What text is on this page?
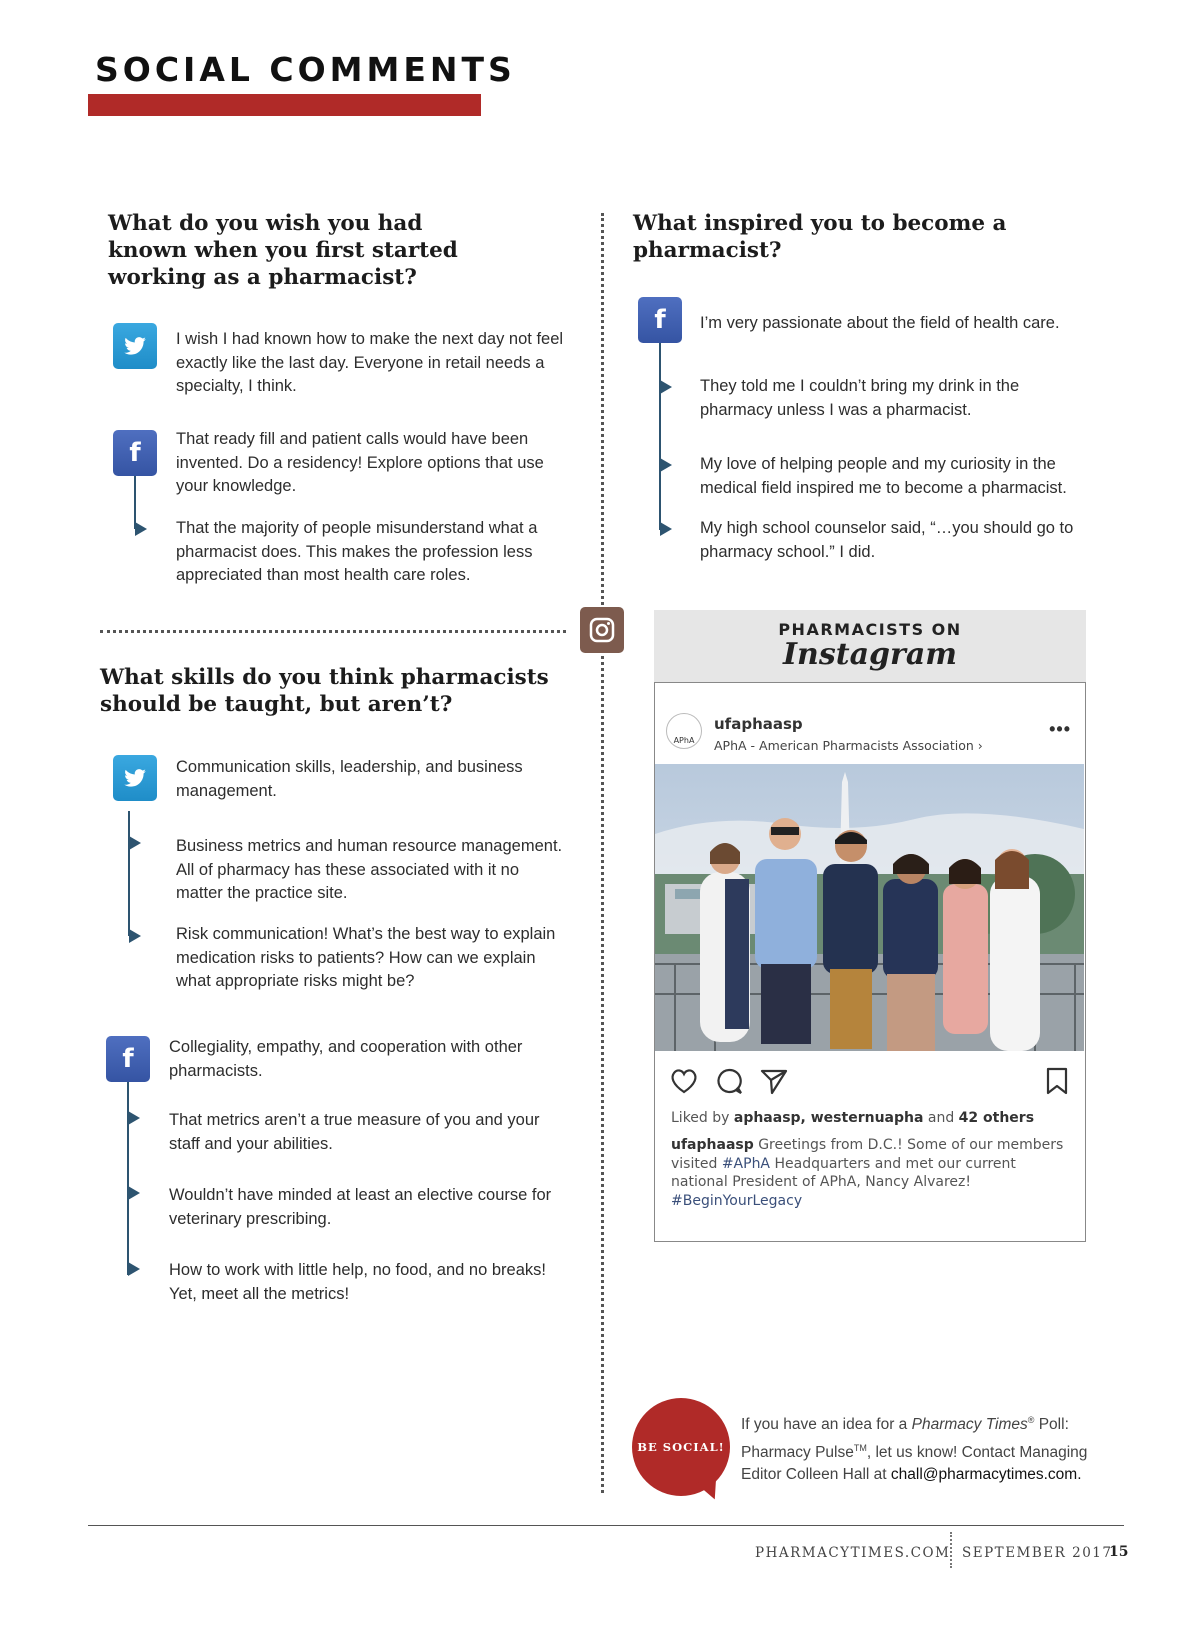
SOCIAL COMMENTS
What do you wish you had known when you first started working as a pharmacist?
I wish I had known how to make the next day not feel exactly like the last day. Everyone in retail needs a specialty, I think.
f	That ready fill and patient calls would have been invented. Do a residency! Explore options that use your knowledge.
That the majority of people misunderstand what a pharmacist does. This makes the profession less appreciated than most health care roles.
What inspired you to become a pharmacist?
f	I’m very passionate about the field of health care.
They told me I couldn’t bring my drink in the pharmacy unless I was a pharmacist.
My love of helping people and my curiosity in the medical field inspired me to become a pharmacist.
My high school counselor said, “…you should go to pharmacy school.” I did.
What skills do you think pharmacists should be taught, but aren’t?
Communication skills, leadership, and business management.
Business metrics and human resource management. All of pharmacy has these associated with it no matter the practice site.
Risk communication! What’s the best way to explain medication risks to patients? How can we explain what appropriate risks might be?
f	Collegiality, empathy, and cooperation with other pharmacists.
That metrics aren’t a true measure of you and your staff and your abilities.
Wouldn’t have minded at least an elective course for veterinary prescribing.
How to work with little help, no food, and no breaks! Yet, meet all the metrics!
PHARMACISTS ON
Instagram
APhA
ufaphaasp
APhA - American Pharmacists Association ›
•••
Liked by aphaasp, westernuapha and 42 others
ufaphaasp Greetings from D.C.! Some of our members visited #APhA Headquarters and met our current national President of APhA, Nancy Alvarez! #BeginYourLegacy
BE SOCIAL!
If you have an idea for a Pharmacy Times® Poll: Pharmacy Pulse™, let us know! Contact Managing Editor Colleen Hall at chall@pharmacytimes.com.
PHARMACYTIMES.COM SEPTEMBER 2017
15
